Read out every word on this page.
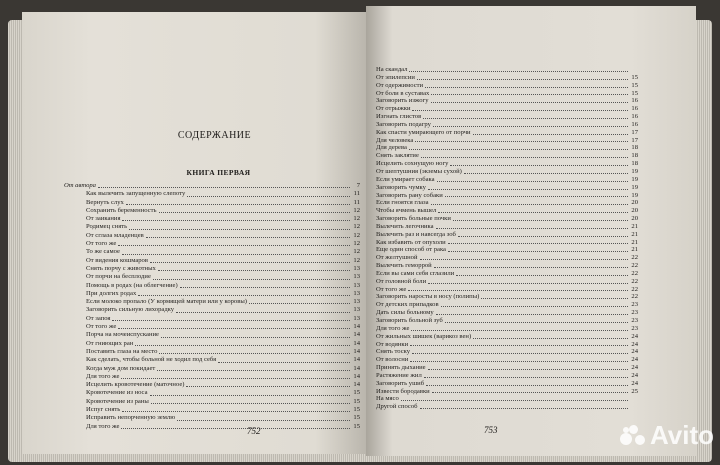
СОДЕРЖАНИЕ
КНИГА ПЕРВАЯ
От автора	7
Как вылечить запущенную слепоту	11
Вернуть слух	11
Сохранить беременность	12
От заикания	12
Родимец снять	12
От сглаза младенцев	12
От того же	12
То же самое	12
От видения кошмаров	12
Снять порчу с животных	13
От порчи на бесплодие	13
Помощь в родах (на облегчение)	13
При долгих родах	13
Если молоко пропало (У кормящей матери или у коровы)	13
Заговорить сильную лихорадку	13
От запоя	13
От того же	14
Порча на мочеиспускание	14
От гниющих ран	14
Поставить глаза на место	14
Как сделать, чтобы больной не ходил под себя	14
Когда муж дом покидает	14
Для того же	14
Исцелить кровотечение (маточное)	14
Кровотечение из носа	15
Кровотечение из раны	15
Испуг снять	15
Исправить непорченную землю	15
Для того же	15
752
На скандал
От эпилепсии	15
От одержимости	15
От боли в суставах	15
Заговорить изжогу	16
От отрыжки	16
Изгнать глистов	16
Заговорить подагру	16
Как спасти умирающего от порчи	17
Для человека	17
Для дерева	18
Снять заклятие	18
Исцелить сохнущую ногу	18
От шептушния (экземы сухой)	19
Если умирает собака	19
Заговорить чумку	19
Заговорить рану собаки	19
Если гноятся глаза	20
Чтобы ячмень вышел	20
Заговорить больные почки	20
Вылечить легочника	21
Вылечить раз и навсегда зоб	21
Как избавить от опухоли	21
Еще один способ от рака	21
От желтушной	22
Вылечить геморрой	22
Если вы сами себя сглазили	22
От головной боли	22
От того же	22
Заговорить наросты в носу (полипы)	22
От детских припадков	23
Дать силы больному	23
Заговорить больной зуб	23
Для того же	23
От жильных шишек (варикоз вен)	24
От водянки	24
Снять тоску	24
От волосни	24
Принять дыхание	24
Растяжение жил	24
Заговорить ушиб	24
Извести бородавки	25
На мясо
Другой способ
753	Avito
